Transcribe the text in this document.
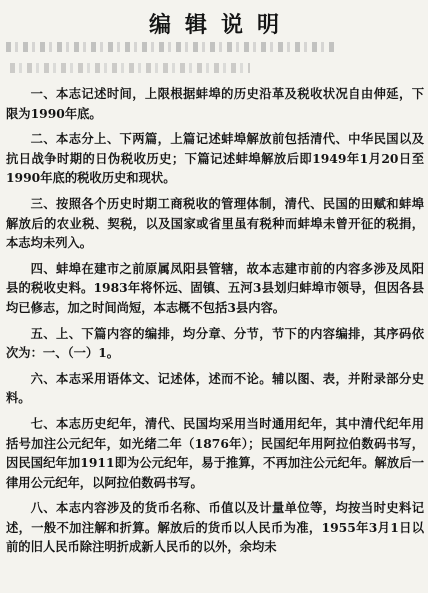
编辑说明

一、本志记述时间，上限根据蚌埠的历史沿革及税收状况自由伸延，下限为1990年底。

二、本志分上、下两篇，上篇记述蚌埠解放前包括清代、中华民国以及抗日战争时期的日伪税收历史；下篇记述蚌埠解放后即1949年1月20日至1990年底的税收历史和现状。

三、按照各个历史时期工商税收的管理体制，清代、民国的田赋和蚌埠解放后的农业税、契税，以及国家或省里虽有税种而蚌埠未曾开征的税捐，本志均未列入。

四、蚌埠在建市之前原属凤阳县管辖，故本志建市前的内容多涉及凤阳县的税收史料。1983年将怀远、固镇、五河3县划归蚌埠市领导，但因各县均已修志，加之时间尚短，本志概不包括3县内容。

五、上、下篇内容的编排，均分章、分节，节下的内容编排，其序码依次为：一、（一）1。

六、本志采用语体文、记述体，述而不论。辅以图、表，并附录部分史料。

七、本志历史纪年，清代、民国均采用当时通用纪年，其中清代纪年用括号加注公元纪年，如光绪二年（1876年）；民国纪年用阿拉伯数码书写，因民国纪年加1911即为公元纪年，易于推算，不再加注公元纪年。解放后一律用公元纪年，以阿拉伯数码书写。

八、本志内容涉及的货币名称、币值以及计量单位等，均按当时史料记述，一般不加注解和折算。解放后的货币以人民币为准，1955年3月1日以前的旧人民币除注明折成新人民币的以外，余均未
